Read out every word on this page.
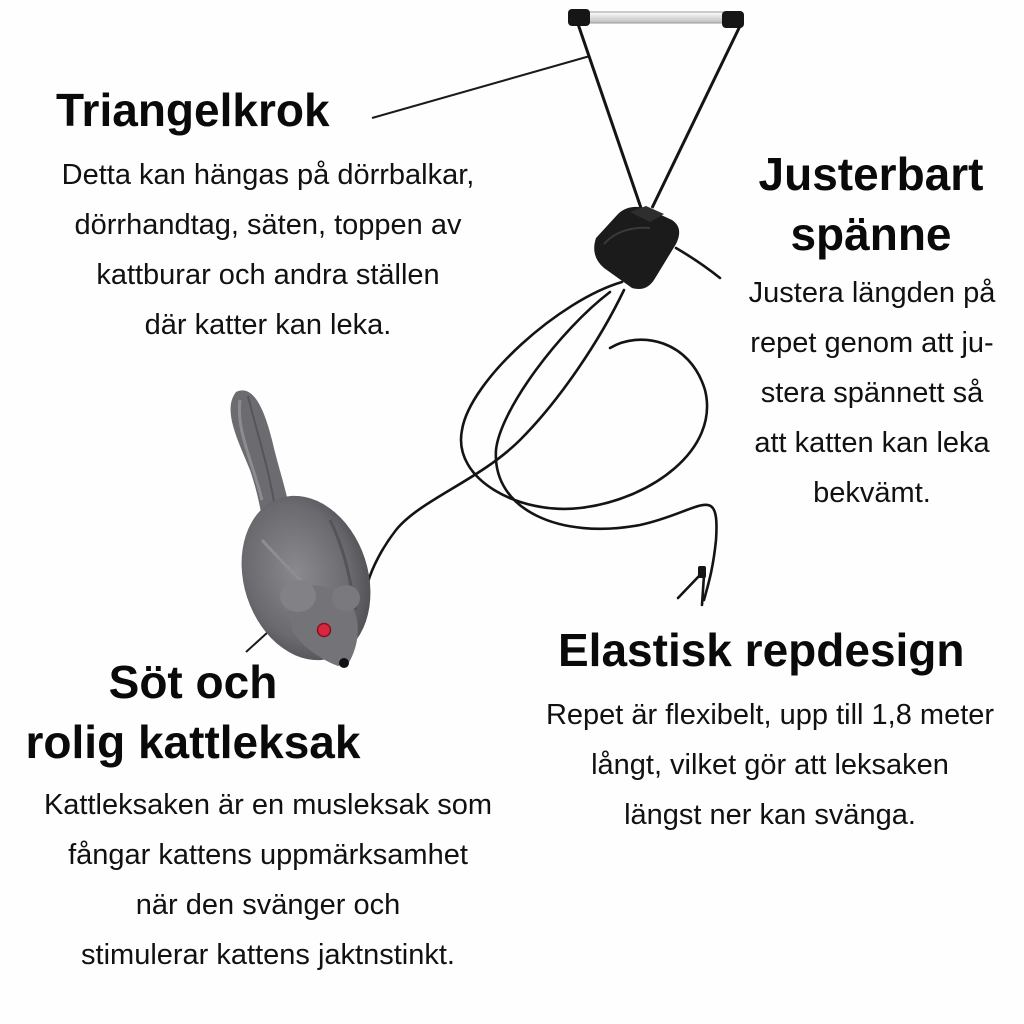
Triangelkrok
Detta kan hängas på dörrbalkar,
dörrhandtag, säten, toppen av
kattburar och andra ställen
där katter kan leka.
Justerbart
spänne
Justera längden på
repet genom att ju-
stera spännett så
att katten kan leka
bekvämt.
Elastisk repdesign
Repet är flexibelt, upp till 1,8 meter
långt, vilket gör att leksaken
längst ner kan svänga.
Söt och
rolig kattleksak
Kattleksaken är en musleksak som
fångar kattens uppmärksamhet
när den svänger och
stimulerar kattens jaktnstinkt.
